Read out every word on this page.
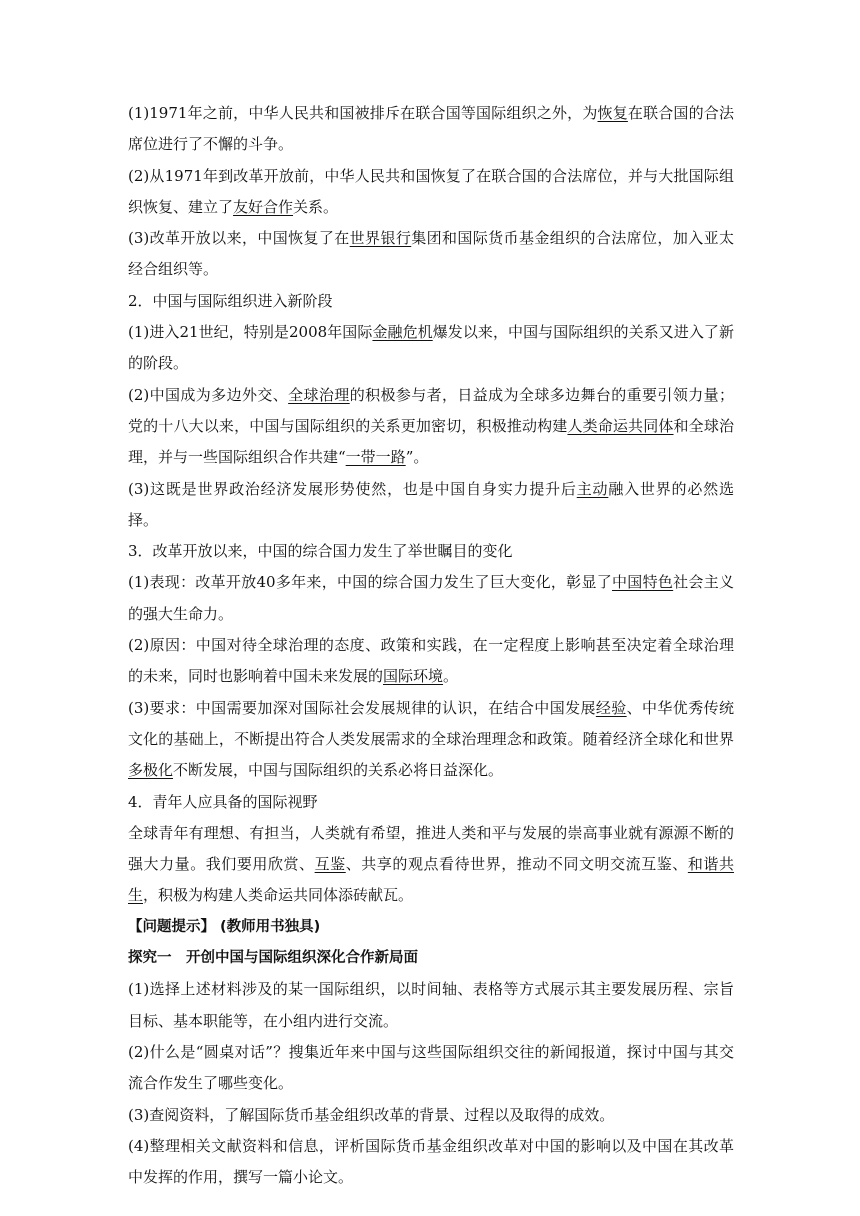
(1)1971年之前，中华人民共和国被排斥在联合国等国际组织之外，为恢复在联合国的合法席位进行了不懈的斗争。

(2)从1971年到改革开放前，中华人民共和国恢复了在联合国的合法席位，并与大批国际组织恢复、建立了友好合作关系。

(3)改革开放以来，中国恢复了在世界银行集团和国际货币基金组织的合法席位，加入亚太经合组织等。

2．中国与国际组织进入新阶段

(1)进入21世纪，特别是2008年国际金融危机爆发以来，中国与国际组织的关系又进入了新的阶段。

(2)中国成为多边外交、全球治理的积极参与者，日益成为全球多边舞台的重要引领力量；党的十八大以来，中国与国际组织的关系更加密切，积极推动构建人类命运共同体和全球治理，并与一些国际组织合作共建“一带一路”。

(3)这既是世界政治经济发展形势使然，也是中国自身实力提升后主动融入世界的必然选择。

3．改革开放以来，中国的综合国力发生了举世瞩目的变化

(1)表现：改革开放40多年来，中国的综合国力发生了巨大变化，彰显了中国特色社会主义的强大生命力。

(2)原因：中国对待全球治理的态度、政策和实践，在一定程度上影响甚至决定着全球治理的未来，同时也影响着中国未来发展的国际环境。

(3)要求：中国需要加深对国际社会发展规律的认识，在结合中国发展经验、中华优秀传统文化的基础上，不断提出符合人类发展需求的全球治理理念和政策。随着经济全球化和世界多极化不断发展，中国与国际组织的关系必将日益深化。

4．青年人应具备的国际视野

全球青年有理想、有担当，人类就有希望，推进人类和平与发展的崇高事业就有源源不断的强大力量。我们要用欣赏、互鉴、共享的观点看待世界，推动不同文明交流互鉴、和谐共生，积极为构建人类命运共同体添砖献瓦。

【问题提示】 (教师用书独具)

探究一　开创中国与国际组织深化合作新局面

(1)选择上述材料涉及的某一国际组织，以时间轴、表格等方式展示其主要发展历程、宗旨目标、基本职能等，在小组内进行交流。

(2)什么是“圆桌对话”？搜集近年来中国与这些国际组织交往的新闻报道，探讨中国与其交流合作发生了哪些变化。

(3)查阅资料，了解国际货币基金组织改革的背景、过程以及取得的成效。

(4)整理相关文献资料和信息，评析国际货币基金组织改革对中国的影响以及中国在其改革中发挥的作用，撰写一篇小论文。
